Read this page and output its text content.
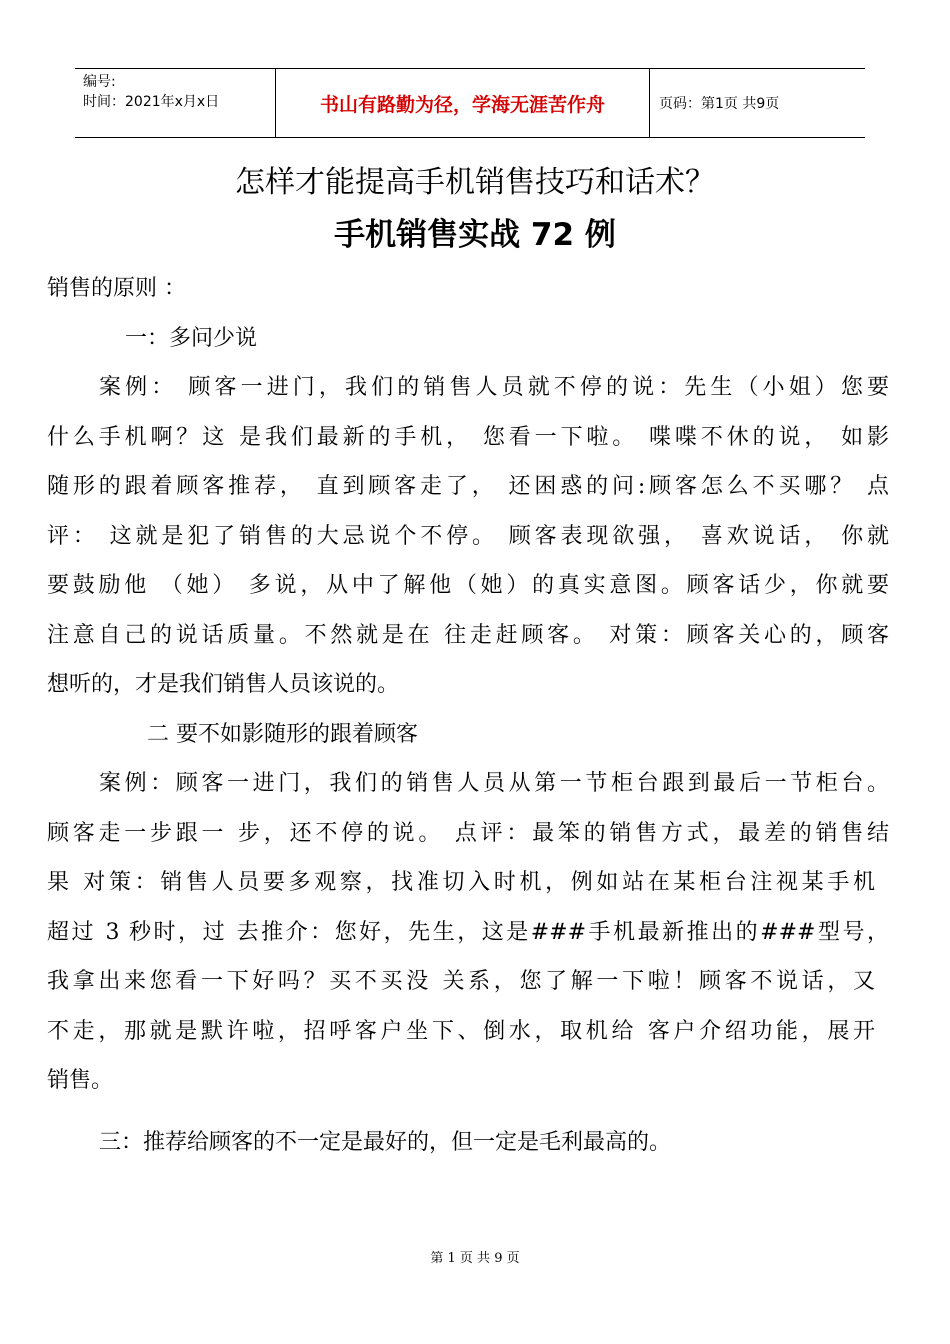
编号:
时间：2021年x月x日	书山有路勤为径，学海无涯苦作舟	页码：第1页 共9页
怎样才能提高手机销售技巧和话术？
手机销售实战 72 例
销售的原则 ：
一：多问少说
案例： 顾客一进门，我们的销售人员就不停的说：先生（小姐）您要
什么手机啊？这 是我们最新的手机， 您看一下啦。 喋喋不休的说， 如影
随形的跟着顾客推荐， 直到顾客走了， 还困惑的问:顾客怎么不买哪？ 点
评： 这就是犯了销售的大忌说个不停。 顾客表现欲强， 喜欢说话， 你就
要鼓励他 （她） 多说，从中了解他（她）的真实意图。顾客话少，你就要
注意自己的说话质量。不然就是在 往走赶顾客。 对策：顾客关心的，顾客
想听的，才是我们销售人员该说的。
二 要不如影随形的跟着顾客
案例：顾客一进门，我们的销售人员从第一节柜台跟到最后一节柜台。
顾客走一步跟一 步，还不停的说。 点评：最笨的销售方式，最差的销售结
果 对策：销售人员要多观察，找准切入时机，例如站在某柜台注视某手机
超过 3 秒时，过 去推介：您好，先生，这是###手机最新推出的###型号，
我拿出来您看一下好吗？买不买没 关系，您了解一下啦！顾客不说话，又
不走，那就是默许啦，招呼客户坐下、倒水，取机给 客户介绍功能，展开
销售。
三：推荐给顾客的不一定是最好的，但一定是毛利最高的。
第 1 页 共 9 页
